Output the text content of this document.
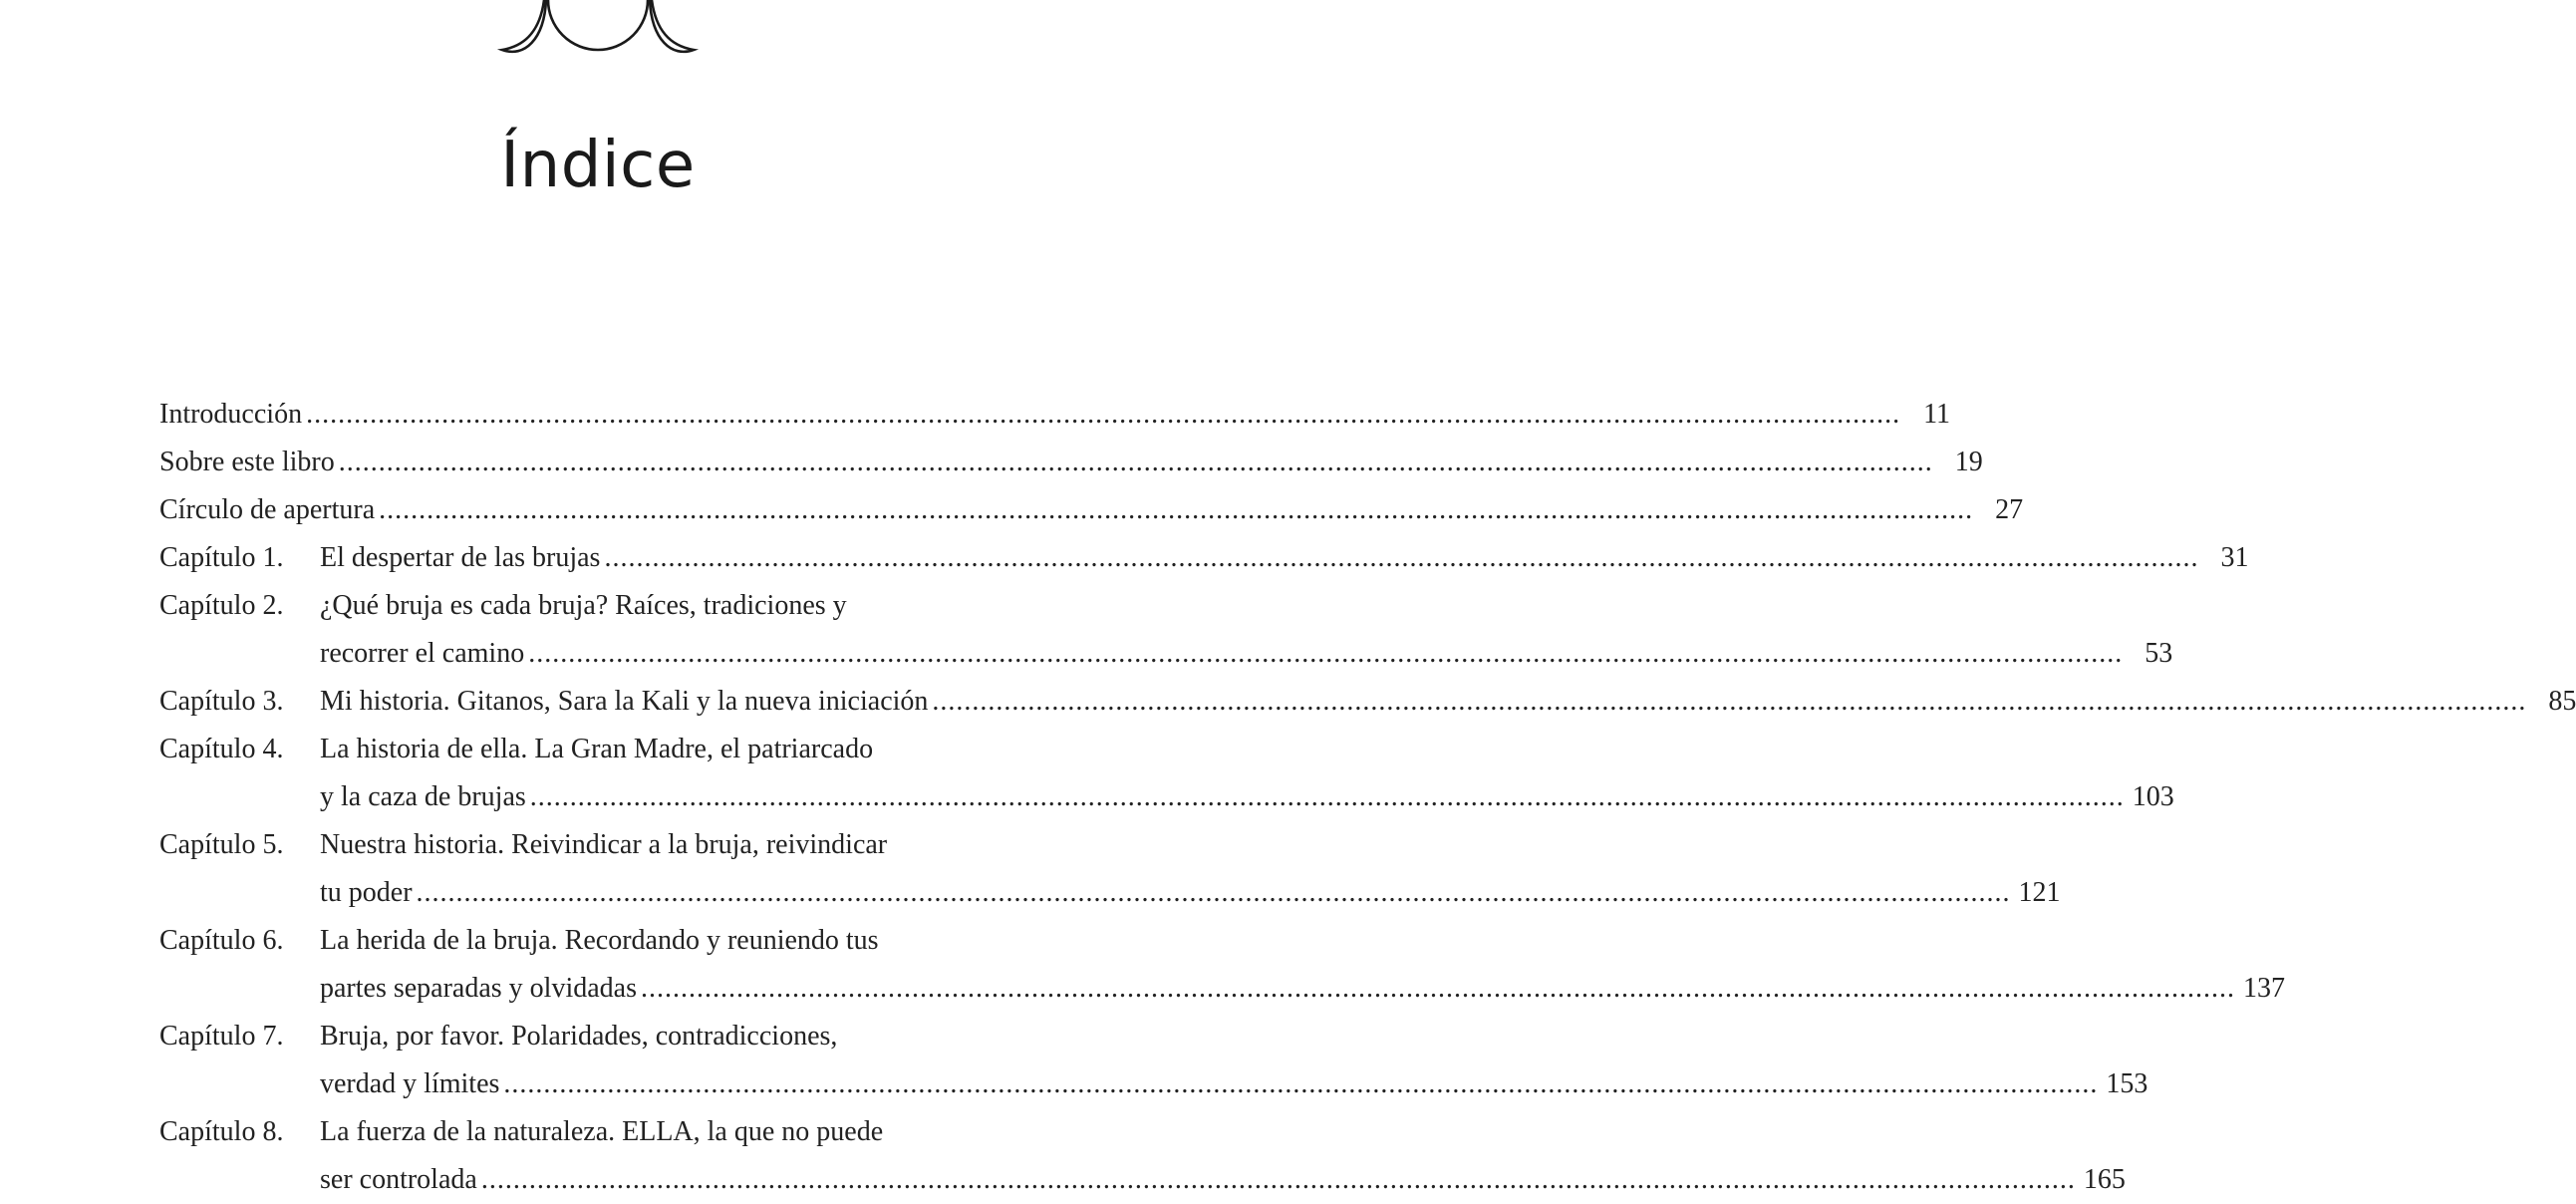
Índice
Introducción ........................................................................................................................................................................................................ 11
Sobre este libro ........................................................................................................................................................................................................ 19
Círculo de apertura ........................................................................................................................................................................................................ 27
Capítulo 1.	El despertar de las brujas ........................................................................................................................................................................................................ 31
Capítulo 2.	¿Qué bruja es cada bruja? Raíces, tradiciones y
recorrer el camino ........................................................................................................................................................................................................ 53
Capítulo 3.	Mi historia. Gitanos, Sara la Kali y la nueva iniciación ........................................................................................................................................................................................................ 85
Capítulo 4.	La historia de ella. La Gran Madre, el patriarcado
y la caza de brujas ........................................................................................................................................................................................................ 103
Capítulo 5.	Nuestra historia. Reivindicar a la bruja, reivindicar
tu poder ........................................................................................................................................................................................................ 121
Capítulo 6.	La herida de la bruja. Recordando y reuniendo tus
partes separadas y olvidadas ........................................................................................................................................................................................................ 137
Capítulo 7.	Bruja, por favor. Polaridades, contradicciones,
verdad y límites ........................................................................................................................................................................................................ 153
Capítulo 8.	La fuerza de la naturaleza. ELLA, la que no puede
ser controlada ........................................................................................................................................................................................................ 165
